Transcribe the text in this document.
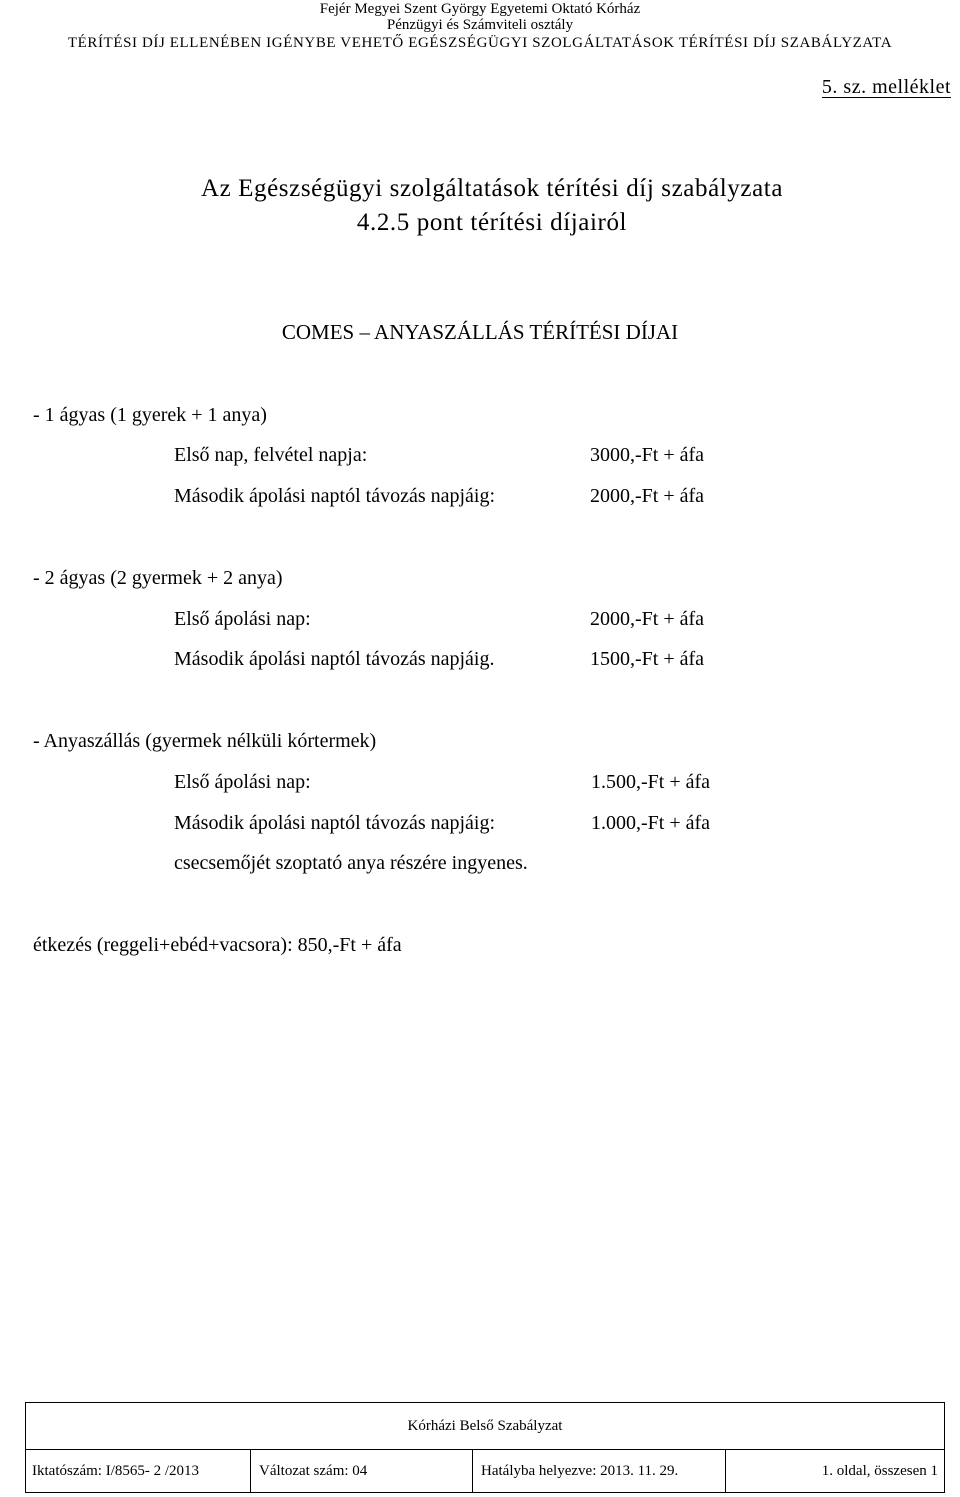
Fejér Megyei Szent György Egyetemi Oktató Kórház
Pénzügyi és Számviteli osztály
TÉRÍTÉSI DÍJ ELLENÉBEN IGÉNYBE VEHETŐ EGÉSZSÉGÜGYI SZOLGÁLTATÁSOK TÉRÍTÉSI DÍJ SZABÁLYZATA
5. sz. melléklet
Az Egészségügyi szolgáltatások térítési díj szabályzata
4.2.5 pont térítési díjairól
COMES – ANYASZÁLLÁS TÉRÍTÉSI DÍJAI
- 1 ágyas (1 gyerek + 1 anya)
Első nap, felvétel napja:	3000,-Ft + áfa
Második ápolási naptól távozás napjáig:	2000,-Ft + áfa
- 2 ágyas (2 gyermek + 2 anya)
Első ápolási nap:	2000,-Ft + áfa
Második ápolási naptól távozás napjáig.	1500,-Ft + áfa
- Anyaszállás (gyermek nélküli kórtermek)
Első ápolási nap:	1.500,-Ft + áfa
Második ápolási naptól távozás napjáig:	1.000,-Ft + áfa
csecsemőjét szoptató anya részére ingyenes.
étkezés (reggeli+ebéd+vacsora): 850,-Ft + áfa
Kórházi Belső Szabályzat
Iktatószám: I/8565- 2 /2013	Változat szám: 04	Hatályba helyezve: 2013. 11. 29.	1. oldal, összesen 1
